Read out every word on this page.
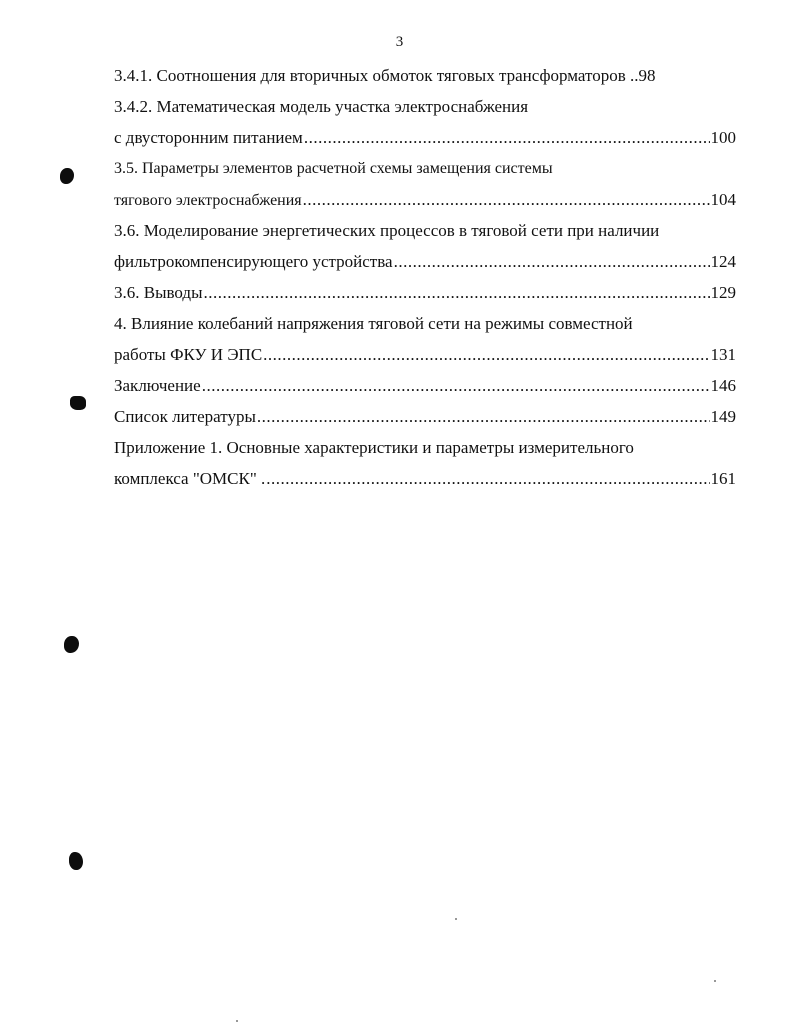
3
3.4.1. Соотношения для вторичных обмоток тяговых трансформаторов .. 98
3.4.2. Математическая модель участка электроснабжения
с двусторонним питанием .....	100
3.5. Параметры элементов расчетной схемы замещения системы
тягового электроснабжения .....	104
3.6. Моделирование энергетических процессов в тяговой сети при наличии
фильтрокомпенсирующего устройства .....	124
3.6. Выводы .....	129
4. Влияние колебаний напряжения тяговой сети на режимы совместной
работы ФКУ И ЭПС .....	131
Заключение .....	146
Список литературы .....	149
Приложение 1. Основные характеристики и параметры измерительного
комплекса "ОМСК" . .....	161
